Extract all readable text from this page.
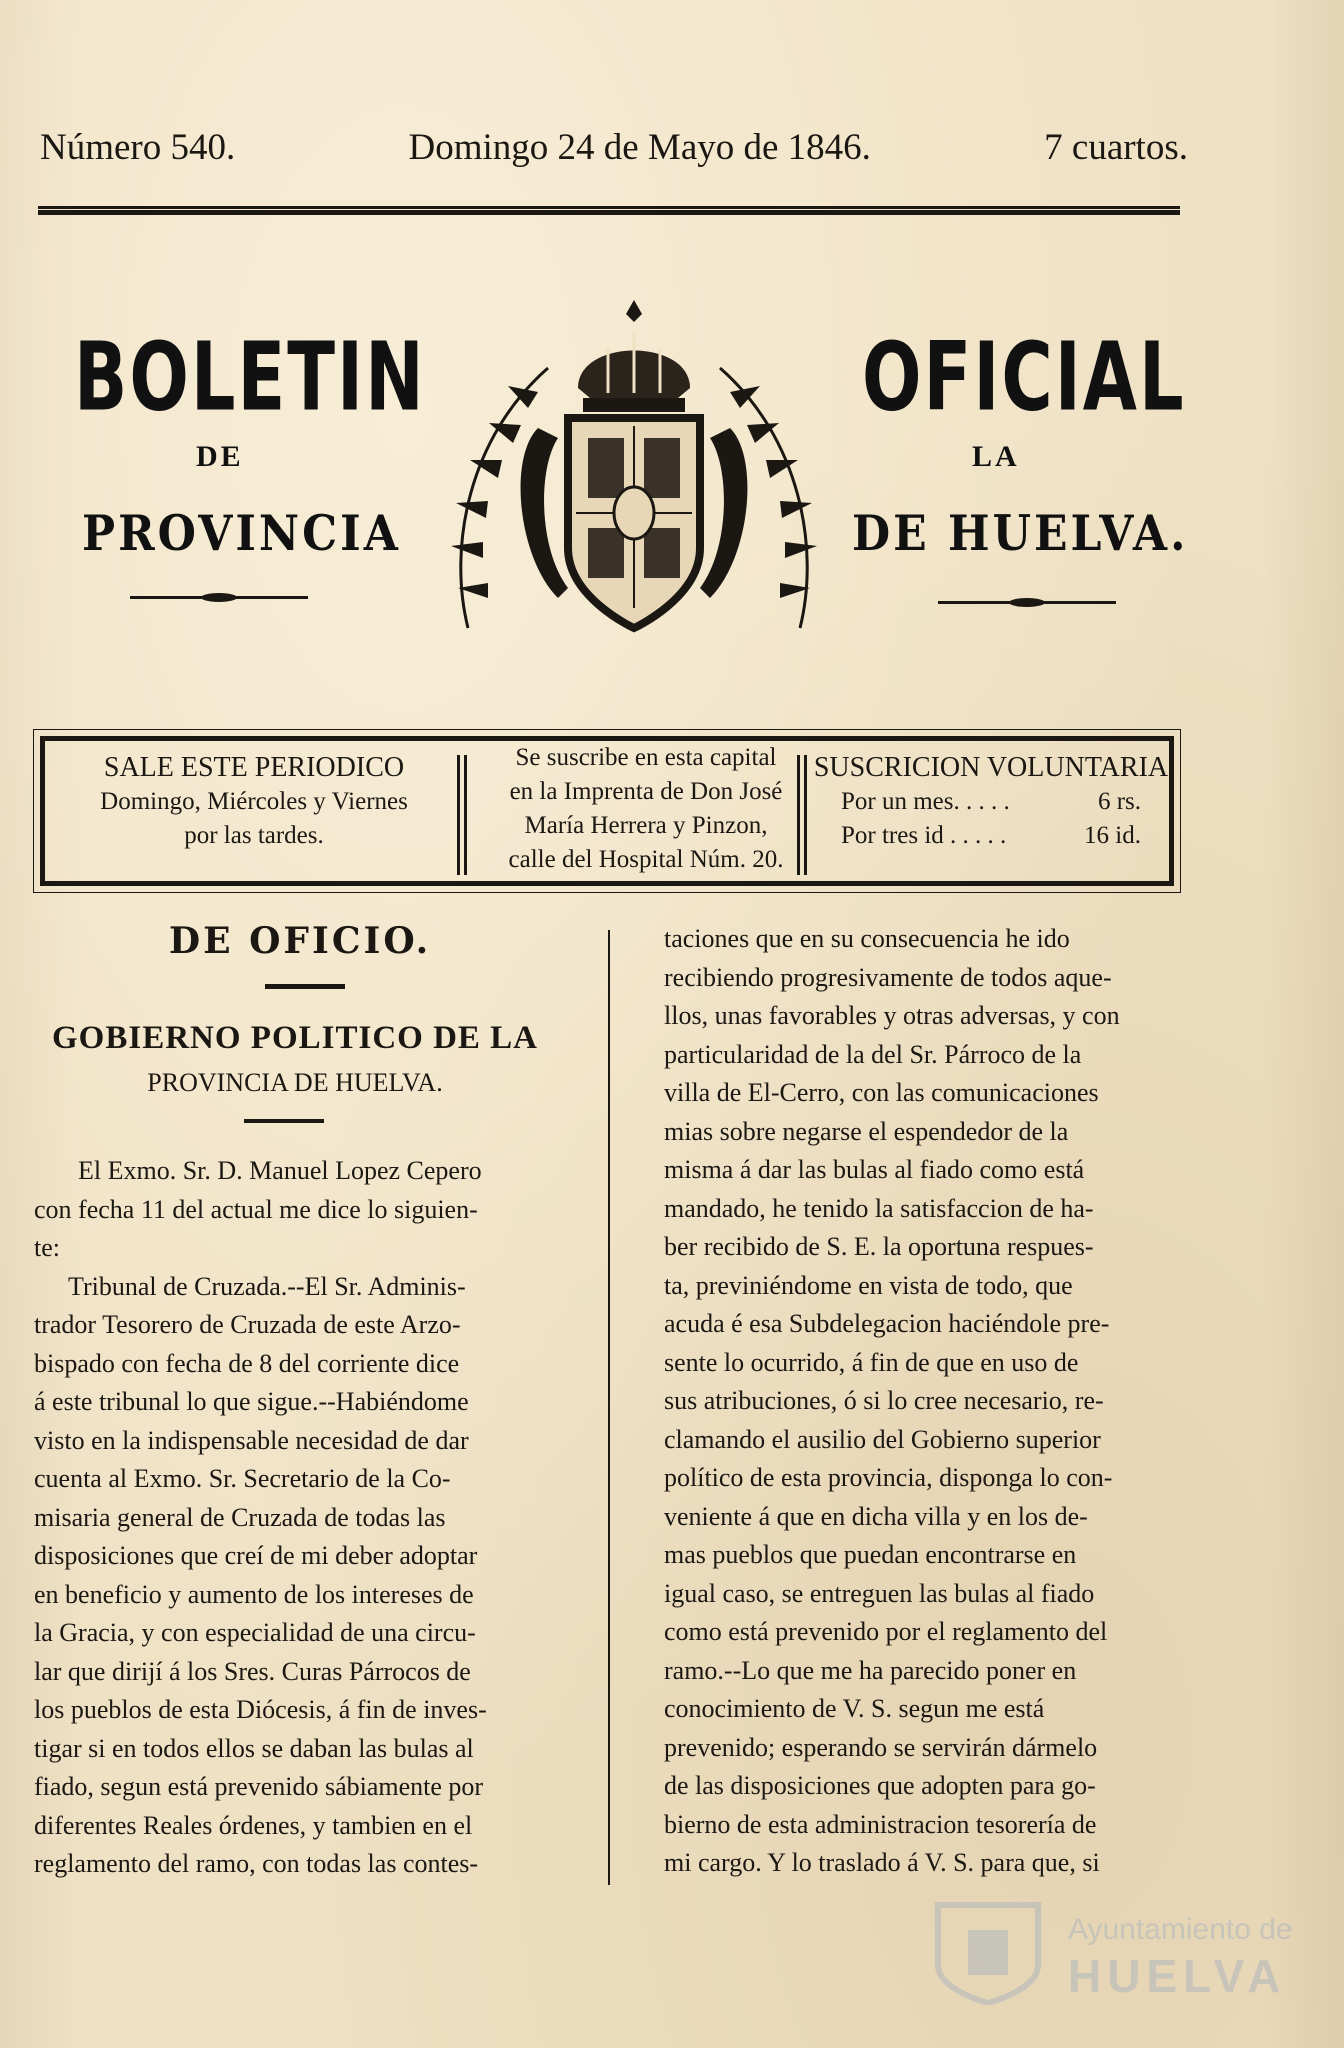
Número 540.	Domingo 24 de Mayo de 1846.	7 cuartos.
BOLETIN	OFICIAL
DE	LA
PROVINCIA	DE HUELVA.
SALE ESTE PERIODICO
Domingo, Miércoles y Viernes
por las tardes.
Se suscribe en esta capital
en la Imprenta de Don José
María Herrera y Pinzon,
calle del Hospital Núm. 20.
SUSCRICION VOLUNTARIA
Por un mes. . . . .	6 rs.
Por tres id . . . . .	16 id.
DE OFICIO.
GOBIERNO POLITICO DE LA
PROVINCIA DE HUELVA.

El Exmo. Sr. D. Manuel Lopez Cepero

con fecha 11 del actual me dice lo siguien-

te:

Tribunal de Cruzada.--El Sr. Adminis-

trador Tesorero de Cruzada de este Arzo-

bispado con fecha de 8 del corriente dice

á este tribunal lo que sigue.--Habiéndome

visto en la indispensable necesidad de dar

cuenta al Exmo. Sr. Secretario de la Co-

misaria general de Cruzada de todas las

disposiciones que creí de mi deber adoptar

en beneficio y aumento de los intereses de

la Gracia, y con especialidad de una circu-

lar que dirijí á los Sres. Curas Párrocos de

los pueblos de esta Diócesis, á fin de inves-

tigar si en todos ellos se daban las bulas al

fiado, segun está prevenido sábiamente por

diferentes Reales órdenes, y tambien en el

reglamento del ramo, con todas las contes-

taciones que en su consecuencia he ido

recibiendo progresivamente de todos aque-

llos, unas favorables y otras adversas, y con

particularidad de la del Sr. Párroco de la

villa de El-Cerro, con las comunicaciones

mias sobre negarse el espendedor de la

misma á dar las bulas al fiado como está

mandado, he tenido la satisfaccion de ha-

ber recibido de S. E. la oportuna respues-

ta, previniéndome en vista de todo, que

acuda é esa Subdelegacion haciéndole pre-

sente lo ocurrido, á fin de que en uso de

sus atribuciones, ó si lo cree necesario, re-

clamando el ausilio del Gobierno superior

político de esta provincia, disponga lo con-

veniente á que en dicha villa y en los de-

mas pueblos que puedan encontrarse en

igual caso, se entreguen las bulas al fiado

como está prevenido por el reglamento del

ramo.--Lo que me ha parecido poner en

conocimiento de V. S. segun me está

prevenido; esperando se servirán dármelo

de las disposiciones que adopten para go-

bierno de esta administracion tesorería de

mi cargo. Y lo traslado á V. S. para que, si

Ayuntamiento de
HUELVA
